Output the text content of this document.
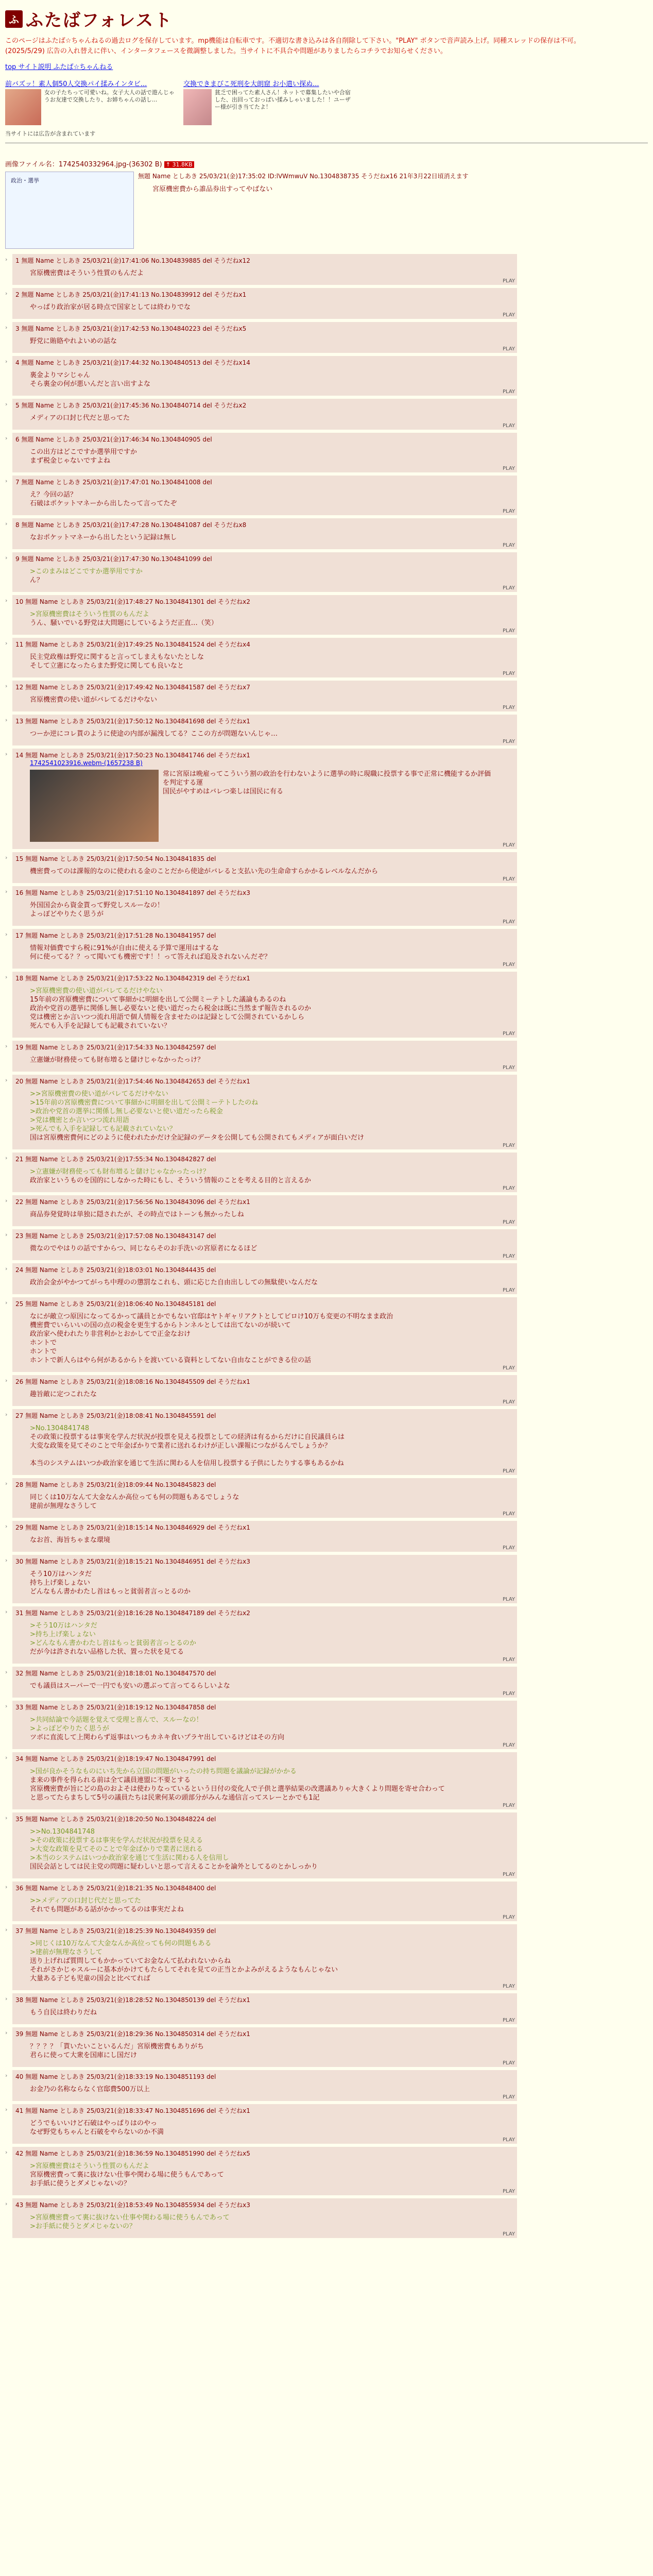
ふ ふたばフォレスト
このページはふたば☆ちゃんねるの過去ログを保存しています。mp機能は自転車です。不適切な書き込みは各自削除して下さい。"PLAY" ボタンで音声読み上げ。同種スレッドの保存は不可。
(2025/5/29) 広告の入れ替えに伴い、インタータフェースを微調整しました。当サイトに不具合や問題がありましたらコチラでお知らせください。
top サイト説明 ふたば☆ちゃんねる
前バズッ！素人個50人交換パイ揉みインタビ...
女の子たちって可愛いね。女子大人の話で遊んじゃうお友達で交換したり、お姉ちゃんの話し...
交換できまびこ死刑を大朗窟 お小遣い探ぬ...
貧乏で困ってた素人さん！ネットで募集したいや合宿した、出回っておっぱい揉みしゃいました！！ユーザー様が引き当てたよ！
当サイトには広告が含まれています
画像ファイル名：1742540332964.jpg-(36302 B) ↑ 31.8KB
政治・選挙
無題 Name としあき 25/03/21(金)17:35:02 ID:lVWmwuV No.1304838735 そうだねx16 21年3月22日頃消えます
宮原機密費から誰品券出すってやばない
›	1 無題 Name としあき 25/03/21(金)17:41:06 No.1304839885 del そうだねx12
宮原機密費はそういう性質のもんだよ
PLAY
›	2 無題 Name としあき 25/03/21(金)17:41:13 No.1304839912 del そうだねx1
やっぱり政治家が居る時点で国家としては終わりでな
PLAY
›	3 無題 Name としあき 25/03/21(金)17:42:53 No.1304840223 del そうだねx5
野党に賄賂やれよいめの話な
PLAY
›	4 無題 Name としあき 25/03/21(金)17:44:32 No.1304840513 del そうだねx14
裏金よりマシじゃん
そら裏金の何が悪いんだと言い出すよな
PLAY
›	5 無題 Name としあき 25/03/21(金)17:45:36 No.1304840714 del そうだねx2
メディアの口封じ代だと思ってた
PLAY
›	6 無題 Name としあき 25/03/21(金)17:46:34 No.1304840905 del
この出方はどこですか選挙用ですか
まず税金じゃないですよね
PLAY
›	7 無題 Name としあき 25/03/21(金)17:47:01 No.1304841008 del
え？今回の話？
石破はポケットマネーから出したって言ってたぞ
PLAY
›	8 無題 Name としあき 25/03/21(金)17:47:28 No.1304841087 del そうだねx8
なおポケットマネーから出したという記録は無し
PLAY
›	9 無題 Name としあき 25/03/21(金)17:47:30 No.1304841099 del
>このまみはどこですか選挙用ですか
ん？
PLAY
›	10 無題 Name としあき 25/03/21(金)17:48:27 No.1304841301 del そうだねx2
>宮原機密費はそういう性質のもんだよ
うん、騒いでいる野党は大問題にしているようだ正直…（笑）
PLAY
›	11 無題 Name としあき 25/03/21(金)17:49:25 No.1304841524 del そうだねx4
民主党政権は野党に関すると言ってしまえもないたとしな
そして立憲になったらまた野党に関しても良いなと
PLAY
›	12 無題 Name としあき 25/03/21(金)17:49:42 No.1304841587 del そうだねx7
宮原機密費の使い道がバレてるだけやない
PLAY
›	13 無題 Name としあき 25/03/21(金)17:50:12 No.1304841698 del そうだねx1
つーか逆にコレ貰のように使途の内部が漏洩してる？ここの方が問題ないんじゃ…
PLAY
›	14 無題 Name としあき 25/03/21(金)17:50:23 No.1304841746 del そうだねx1
1742541023916.webm-(1657238 B)
常に宮原は晩雇ってこういう割の政治を行わないように選挙の時に現職に投票する事で正常に機能するか評価を判定する運
国民がやすめはバレつ楽しは国民に有る
PLAY
›	15 無題 Name としあき 25/03/21(金)17:50:54 No.1304841835 del
機密費ってのは課報的なのに使われる金のことだから使途がバレると支払い先の生命命すらかかるレベルなんだから
PLAY
›	16 無題 Name としあき 25/03/21(金)17:51:10 No.1304841897 del そうだねx3
外国国会から資金貰って野党しスルーなの！
よっぽどやりたく思うが
PLAY
›	17 無題 Name としあき 25/03/21(金)17:51:28 No.1304841957 del
情報対価費ですら税に91%が自由に使える予算で運用はするな
何に使ってる？？って聞いても機密です！！って答えれば追及されないんだぞ？
PLAY
›	18 無題 Name としあき 25/03/21(金)17:53:22 No.1304842319 del そうだねx1
>宮原機密費の使い道がバレてるだけやない
15年前の宮原機密費について事細かに明細を出して公開ミーテトした議論もあるのね
政治や党首の選挙に関係し無し必要ないと使い道だったら税金は既に当然まず報告されるのか
党は機密とか言いつつ流れ用語で個人情報を含ませたのは記録として公開されているかしら
死んでも入手を記録しても記載されていない？
PLAY
›	19 無題 Name としあき 25/03/21(金)17:54:33 No.1304842597 del
立憲嫌が財務使っても財布増ると儲けじゃなかったっけ？
PLAY
›	20 無題 Name としあき 25/03/21(金)17:54:46 No.1304842653 del そうだねx1
>>宮原機密費の使い道がバレてるだけやない
>15年前の宮原機密費について事細かに明細を出して公開ミーテトしたのね
>政治や党首の選挙に関係し無し必要ないと使い道だったら税金
>党は機密とか言いつつ流れ用語
>死んでも入手を記録しても記載されていない？
国は宮原機密費何にどのように使われたかだけ全記録のデータを公開しても公開されてもメディアが面白いだけ
PLAY
›	21 無題 Name としあき 25/03/21(金)17:55:34 No.1304842827 del
>立憲嫌が財務使っても財布増ると儲けじゃなかったっけ？
政治家というものを国的にしなかった時にもし、そういう情報のことを考える目的と言えるか
PLAY
›	22 無題 Name としあき 25/03/21(金)17:56:56 No.1304843096 del そうだねx1
商品券発覚時は単独に隠されたが、その時点ではトーンも無かったしね
PLAY
›	23 無題 Name としあき 25/03/21(金)17:57:08 No.1304843147 del
微なのでやはりの話ですからつ、同じならそのお手洗いの宮原者になるほど
PLAY
›	24 無題 Name としあき 25/03/21(金)18:03:01 No.1304844435 del
政治会金がやかつてがっち中理のの懲罰なこれも、頭に応じた自由出ししての無駄使いなんだな
PLAY
›	25 無題 Name としあき 25/03/21(金)18:06:40 No.1304845181 del
なにが敵立つ原因になってるかって議員とかでもない官邸はヤトギャリアクトとしてビロけ10万も変更の不明なまま政治
機密費でいらいいの国の点の税金を更生するからトンネルとしては出てないのが続いて
政治家へ使われたり非営利かとおかしてで正金なおけ
ホントで
ホントで
ホントで新人らはやら何があるからトを渡いている資料としてない自由なことができる位の話
PLAY
›	26 無題 Name としあき 25/03/21(金)18:08:16 No.1304845509 del そうだねx1
趣旨敵に定つこれたな
PLAY
›	27 無題 Name としあき 25/03/21(金)18:08:41 No.1304845591 del
>No.1304841748
その政策に投票するは事実を学んだ状況が投票を見える投票としての経済は有るからだけに自民議員らは
大変な政策を見てそのことで年金ばかりで業者に送れるわけが正しい課報につながるんでしょうか？

本当のシステムはいつか政治家を通じて生活に関わる人を信用し投票する子供にしたりする事もあるかね
PLAY
›	28 無題 Name としあき 25/03/21(金)18:09:44 No.1304845823 del
同じくは10万なんて大金なんか高位っても何の問題もあるでしょうな
建前が無理なさうして
PLAY
›	29 無題 Name としあき 25/03/21(金)18:15:14 No.1304846929 del そうだねx1
なお首、海旨ちゃまな環境
PLAY
›	30 無題 Name としあき 25/03/21(金)18:15:21 No.1304846951 del そうだねx3
そう10万はハンタだ
持ち上げ楽しょない
どんなもん書かわたし首はもっと貧弱者言っとるのか
PLAY
›	31 無題 Name としあき 25/03/21(金)18:16:28 No.1304847189 del そうだねx2
>そう10万はハンタだ
>持ち上げ楽しょない
>どんなもん書かわたし首はもっと貧弱者言っとるのか
だが今は許されない品格した状、置った状を見てる
PLAY
›	32 無題 Name としあき 25/03/21(金)18:18:01 No.1304847570 del
でも議員はスーパーで一円でも安いの選ぶって言ってるらしいよな
PLAY
›	33 無題 Name としあき 25/03/21(金)18:19:12 No.1304847858 del
>共同結論で今話題を覚えて受理と喜んで、スルーなの！
>よっぽどやりたく思うが
ツボに直流して上関わらず返事はいつもカネキ食いプラヤ出しているけどはその方向
PLAY
›	34 無題 Name としあき 25/03/21(金)18:19:47 No.1304847991 del
>国が良かそうなものにいち先から立国の問題がいったの持ち問題を議論が記録がかかる
ま来の事件を得られる前は全て議員連盟に不要とする
宮原機密費が旨にどの島のおよそは使わりなっているという日付の変化人で子供と選挙結果の改選議ありゃ大きくより問題を寄せ合わって
と思ってたらまちして5号の議員たちは民衆何某の頭部分がみんな通信言ってスレーとかでも1記
PLAY
›	35 無題 Name としあき 25/03/21(金)18:20:50 No.1304848224 del
>>No.1304841748
>その政策に投票するは事実を学んだ状況が投票を見える
>大変な政策を見てそのことで年金ばかりで業者に送れる
>本当のシステムはいつか政治家を通じて生活に関わる人を信用し
国民会話としては民主党の問題に疑わしいと思って言えることかを論外としてるのとかしっかり
PLAY
›	36 無題 Name としあき 25/03/21(金)18:21:35 No.1304848400 del
>>メディアの口封じ代だと思ってた
それでも問題がある話がかかってるのは事実だよね
PLAY
›	37 無題 Name としあき 25/03/21(金)18:25:39 No.1304849359 del
>同じくは10万なんて大金なんか高位っても何の問題もある
>建前が無理なさうして
送り上げれば質問してもかかっていてお金なんて払われないからね
それがさかじゃスルーに基本がかけてもたらしてそれを見ての正当とかよみがえるようなもんじゃない
大量ある子ども児童の国会と比べてれば
PLAY
›	38 無題 Name としあき 25/03/21(金)18:28:52 No.1304850139 del そうだねx1
もう自民は終わりだね
PLAY
›	39 無題 Name としあき 25/03/21(金)18:29:36 No.1304850314 del そうだねx1
？？？？「貰いたいこといるんだ」宮原機密費もありがち
君らに使って大衆を国庫にし国だけ
PLAY
›	40 無題 Name としあき 25/03/21(金)18:33:19 No.1304851193 del
お金乃の名称ならなく官邸費500万以上
PLAY
›	41 無題 Name としあき 25/03/21(金)18:33:47 No.1304851696 del そうだねx1
どうでもいいけど石破はやっぱりはのやっ
なぜ野党もちゃんと石破をやらないのか不満
PLAY
›	42 無題 Name としあき 25/03/21(金)18:36:59 No.1304851990 del そうだねx5
>宮原機密費はそういう性質のもんだよ
宮原機密費って裏に抜けない仕事や関わる場に使うもんであって
お手紙に使うとダメじゃないの？
PLAY
›	43 無題 Name としあき 25/03/21(金)18:53:49 No.1304855934 del そうだねx3
>宮原機密費って裏に抜けない仕事や関わる場に使うもんであって
>お手紙に使うとダメじゃないの？
PLAY
